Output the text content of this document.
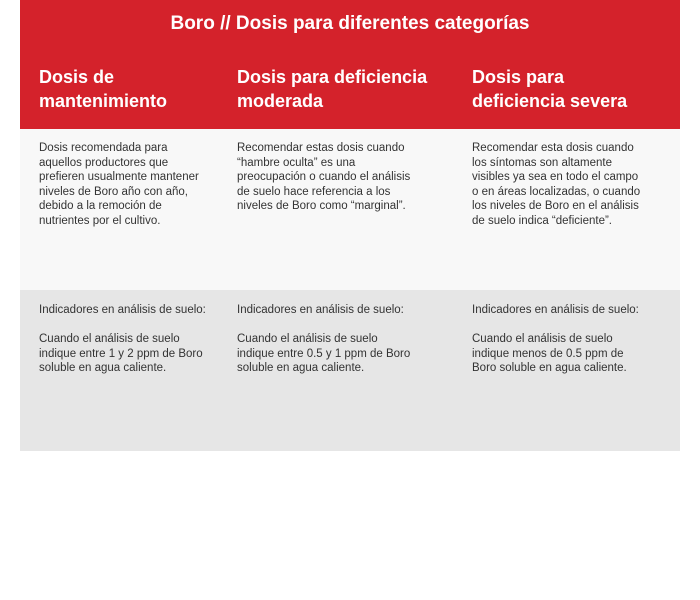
Boro // Dosis para diferentes categorías
Dosis de mantenimiento
Dosis para deficiencia moderada
Dosis para deficiencia severa
Dosis recomendada para aquellos productores que prefieren usualmente mantener niveles de Boro año con año, debido a la remoción de nutrientes por el cultivo.
Recomendar estas dosis cuando “hambre oculta” es una preocupación o cuando el análisis de suelo hace referencia a los niveles de Boro como “marginal”.
Recomendar esta dosis cuando los síntomas son altamente visibles ya sea en todo el campo o en áreas localizadas, o cuando los niveles de Boro en el análisis de suelo indica “deficiente”.
Indicadores en análisis de suelo:
Cuando el análisis de suelo indique entre 1 y 2 ppm de Boro soluble en agua caliente.
Indicadores en análisis de suelo:
Cuando el análisis de suelo indique entre 0.5 y 1 ppm de Boro soluble en agua caliente.
Indicadores en análisis de suelo:
Cuando el análisis de suelo indique menos de 0.5 ppm de Boro soluble en agua caliente.
